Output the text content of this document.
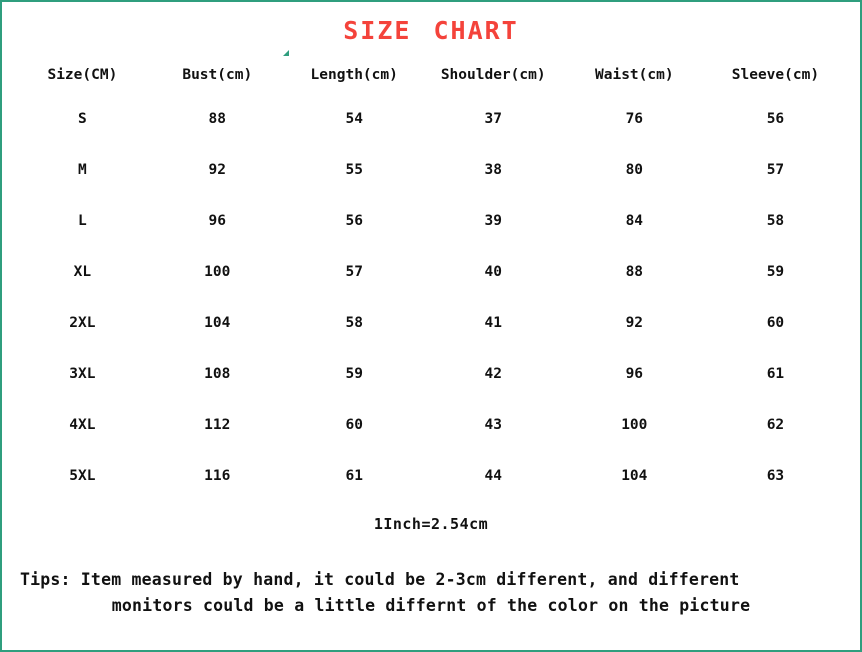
SIZE CHART
Size(CM)	Bust(cm)	Length(cm)	Shoulder(cm)	Waist(cm)	Sleeve(cm)
S	88	54	37	76	56
M	92	55	38	80	57
L	96	56	39	84	58
XL	100	57	40	88	59
2XL	104	58	41	92	60
3XL	108	59	42	96	61
4XL	112	60	43	100	62
5XL	116	61	44	104	63
1Inch=2.54cm
Tips: Item measured by hand, it could be 2-3cm different, and different
monitors could be a little differnt of the color on the picture
